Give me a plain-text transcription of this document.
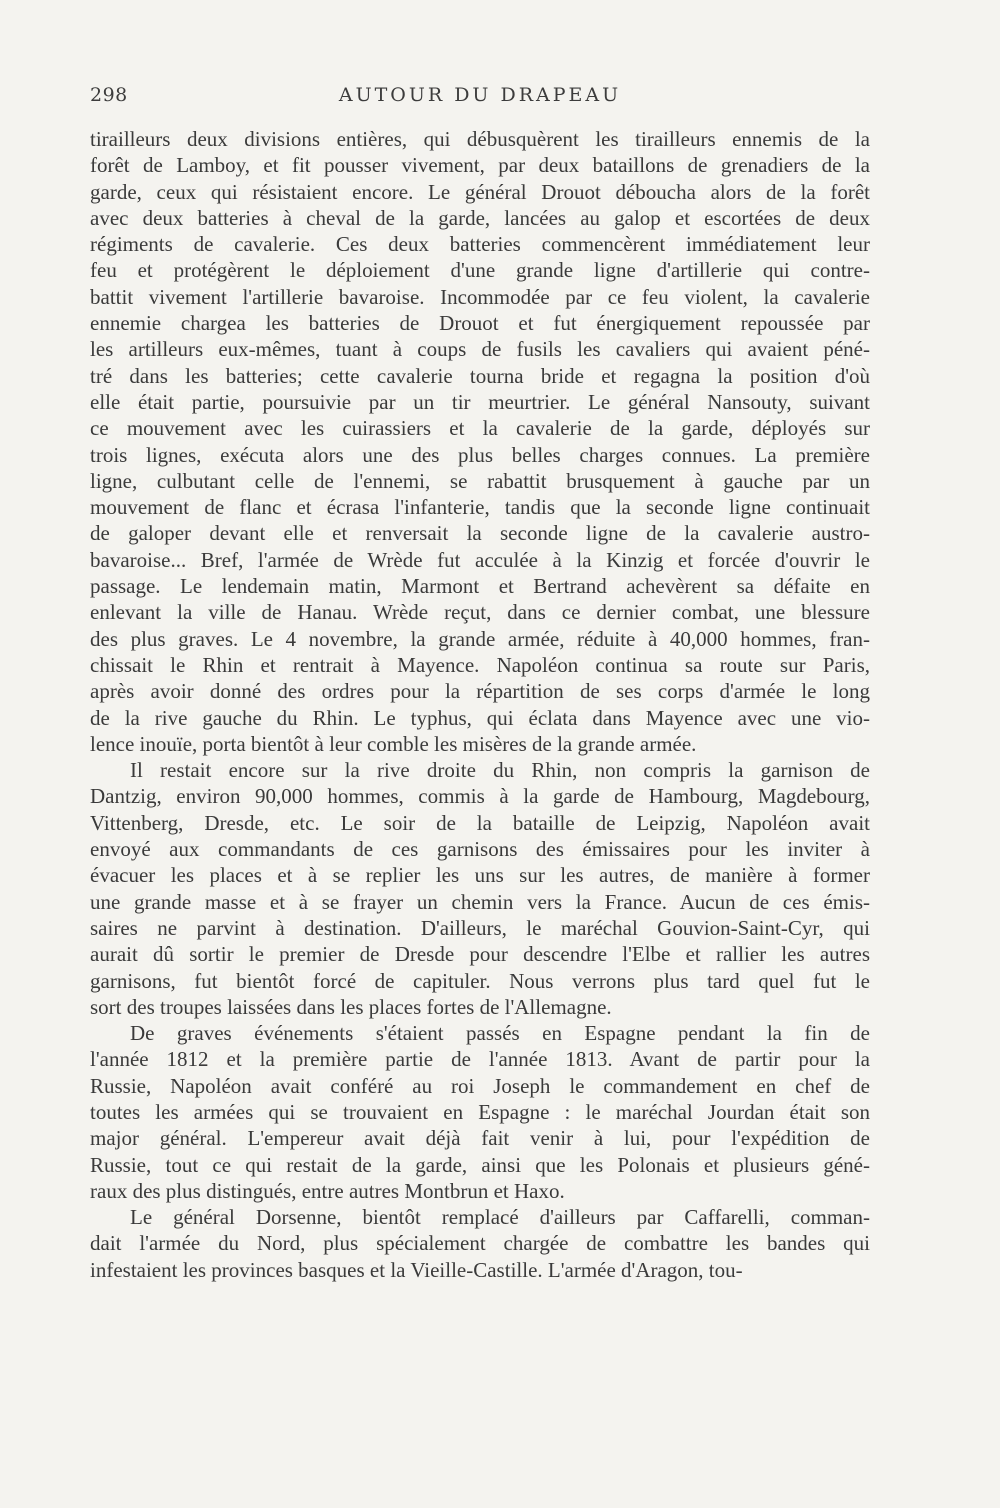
298	AUTOUR DU DRAPEAU
tirailleurs deux divisions entières, qui débusquèrent les tirailleurs ennemis de la
forêt de Lamboy, et fit pousser vivement, par deux bataillons de grenadiers de la
garde, ceux qui résistaient encore. Le général Drouot déboucha alors de la forêt
avec deux batteries à cheval de la garde, lancées au galop et escortées de deux
régiments de cavalerie. Ces deux batteries commencèrent immédiatement leur
feu et protégèrent le déploiement d'une grande ligne d'artillerie qui contre-
battit vivement l'artillerie bavaroise. Incommodée par ce feu violent, la cavalerie
ennemie chargea les batteries de Drouot et fut énergiquement repoussée par
les artilleurs eux-mêmes, tuant à coups de fusils les cavaliers qui avaient péné-
tré dans les batteries; cette cavalerie tourna bride et regagna la position d'où
elle était partie, poursuivie par un tir meurtrier. Le général Nansouty, suivant
ce mouvement avec les cuirassiers et la cavalerie de la garde, déployés sur
trois lignes, exécuta alors une des plus belles charges connues. La première
ligne, culbutant celle de l'ennemi, se rabattit brusquement à gauche par un
mouvement de flanc et écrasa l'infanterie, tandis que la seconde ligne continuait
de galoper devant elle et renversait la seconde ligne de la cavalerie austro-
bavaroise... Bref, l'armée de Wrède fut acculée à la Kinzig et forcée d'ouvrir le
passage. Le lendemain matin, Marmont et Bertrand achevèrent sa défaite en
enlevant la ville de Hanau. Wrède reçut, dans ce dernier combat, une blessure
des plus graves. Le 4 novembre, la grande armée, réduite à 40,000 hommes, fran-
chissait le Rhin et rentrait à Mayence. Napoléon continua sa route sur Paris,
après avoir donné des ordres pour la répartition de ses corps d'armée le long
de la rive gauche du Rhin. Le typhus, qui éclata dans Mayence avec une vio-
lence inouïe, porta bientôt à leur comble les misères de la grande armée.
Il restait encore sur la rive droite du Rhin, non compris la garnison de
Dantzig, environ 90,000 hommes, commis à la garde de Hambourg, Magdebourg,
Vittenberg, Dresde, etc. Le soir de la bataille de Leipzig, Napoléon avait
envoyé aux commandants de ces garnisons des émissaires pour les inviter à
évacuer les places et à se replier les uns sur les autres, de manière à former
une grande masse et à se frayer un chemin vers la France. Aucun de ces émis-
saires ne parvint à destination. D'ailleurs, le maréchal Gouvion-Saint-Cyr, qui
aurait dû sortir le premier de Dresde pour descendre l'Elbe et rallier les autres
garnisons, fut bientôt forcé de capituler. Nous verrons plus tard quel fut le
sort des troupes laissées dans les places fortes de l'Allemagne.
De graves événements s'étaient passés en Espagne pendant la fin de
l'année 1812 et la première partie de l'année 1813. Avant de partir pour la
Russie, Napoléon avait conféré au roi Joseph le commandement en chef de
toutes les armées qui se trouvaient en Espagne : le maréchal Jourdan était son
major général. L'empereur avait déjà fait venir à lui, pour l'expédition de
Russie, tout ce qui restait de la garde, ainsi que les Polonais et plusieurs géné-
raux des plus distingués, entre autres Montbrun et Haxo.
Le général Dorsenne, bientôt remplacé d'ailleurs par Caffarelli, comman-
dait l'armée du Nord, plus spécialement chargée de combattre les bandes qui
infestaient les provinces basques et la Vieille-Castille. L'armée d'Aragon, tou-
